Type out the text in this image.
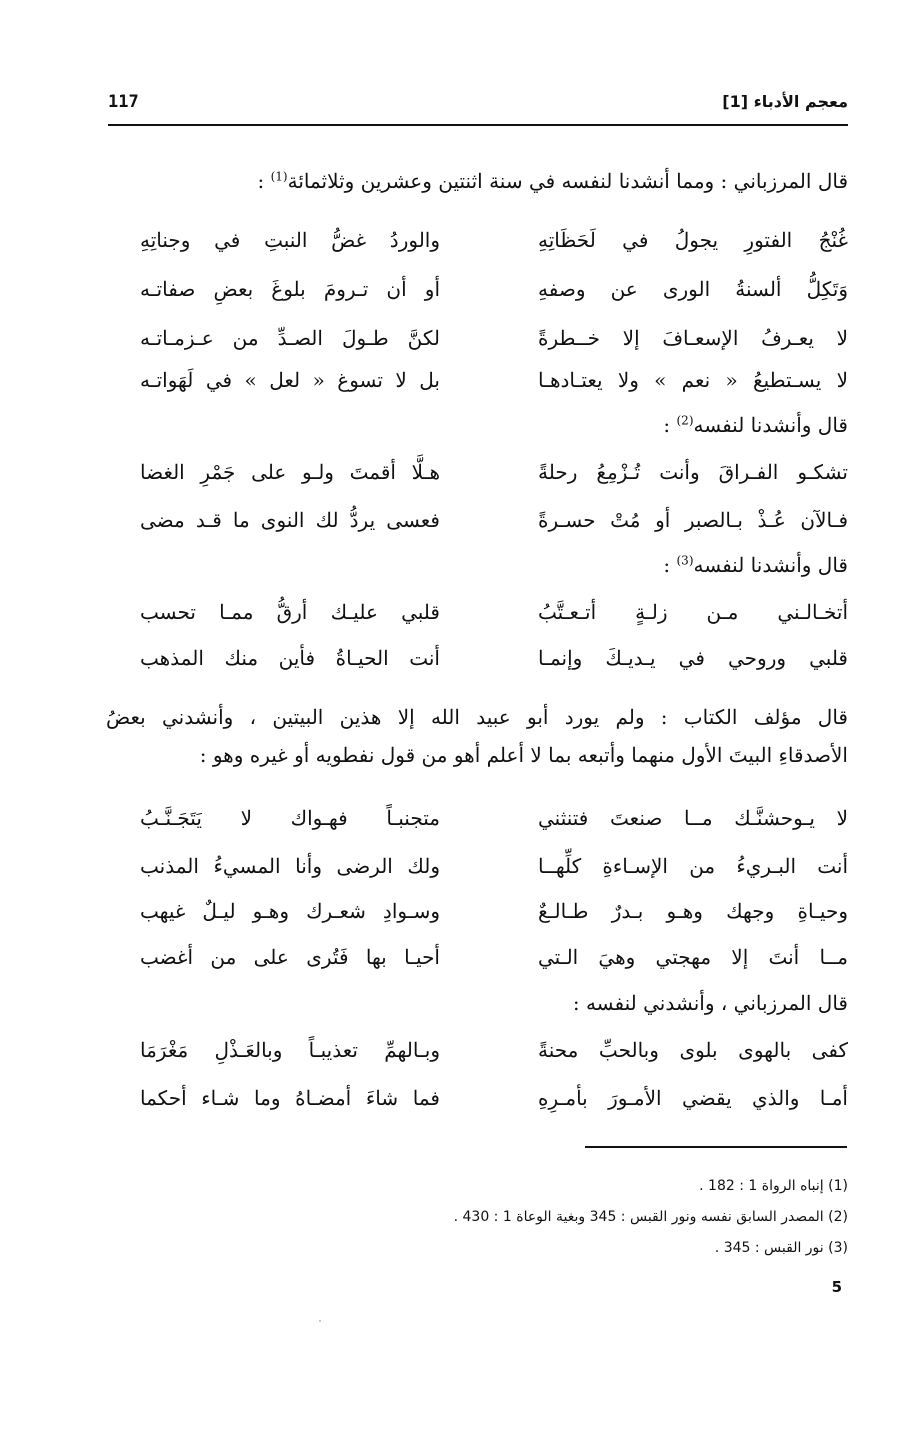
معجم الأدباء [1]
117
قال المرزباني : ومما أنشدنا لنفسه في سنة اثنتين وعشرين وثلاثمائة$^{(1)}$ :
غُنْجُ الفتورِ يجولُ في لَحَظَاتِهِ
والوردُ غضُّ النبتِ في وجناتِهِ
وَتَكِلُّ ألسنةُ الورى عن وصفهِ
أو أن تـرومَ بلوغَ بعضِ صفاتـه
لا يعـرفُ الإسعـافَ إلا خــطرةً
لكنَّ طـولَ الصـدِّ من عـزمـاتـه
لا يسـتطيعُ « نعم » ولا يعتـادهـا
بل لا تسوغ « لعل » في لَهَواتـه
قال وأنشدنا لنفسه$^{(2)}$ :
تشكـو الفـراقَ وأنت تُـزْمِعُ رحلةً
هـلَّا أقمتَ ولـو على جَمْرِ الغضا
فـالآن عُـذْ بـالصبر أو مُتْ حسـرةً
فعسى يردُّ لك النوى ما قـد مضى
قال وأنشدنا لنفسه$^{(3)}$ :
أتخـالـني مـن زلـةٍ أتـعـتَّبُ
قلبي عليـك أرقُّ ممـا تحسب
قلبي وروحي في يـديـكَ وإنمـا
أنت الحيـاةُ فأين منك المذهب
قال مؤلف الكتاب : ولم يورد أبو عبيد الله إلا هذين البيتين ، وأنشدني بعضُ
الأصدقاءِ البيتَ الأول منهما وأتبعه بما لا أعلم أهو من قول نفطويه أو غيره وهو :
لا يـوحشنَّـك مــا صنعتَ فتنثني
متجنبـاً فهـواك لا يَتَجَـنَّـبُ
أنت البـريءُ من الإسـاءةِ كلِّهــا
ولك الرضى وأنا المسيءُ المذنب
وحيـاةِ وجهك وهـو بـدرٌ طـالـعٌ
وسـوادِ شعـرك وهـو ليـلٌ غيهب
مــا أنتَ إلا مهجتي وهيَ الـتي
أحيـا بها فَتُرى على من أغضب
قال المرزباني ، وأنشدني لنفسه :
كفى بالهوى بلوى وبالحبِّ محنةً
وبـالهمِّ تعذيبـاً وبالعَـذْلِ مَغْرَمَا
أمـا والذي يقضي الأمـورَ بأمـرِهِ
فما شاءَ أمضـاهُ وما شـاء أحكما
(1) إنباه الرواة 1 : 182 .
(2) المصدر السابق نفسه ونور القبس : 345 وبغية الوعاة 1 : 430 .
(3) نور القبس : 345 .
5
